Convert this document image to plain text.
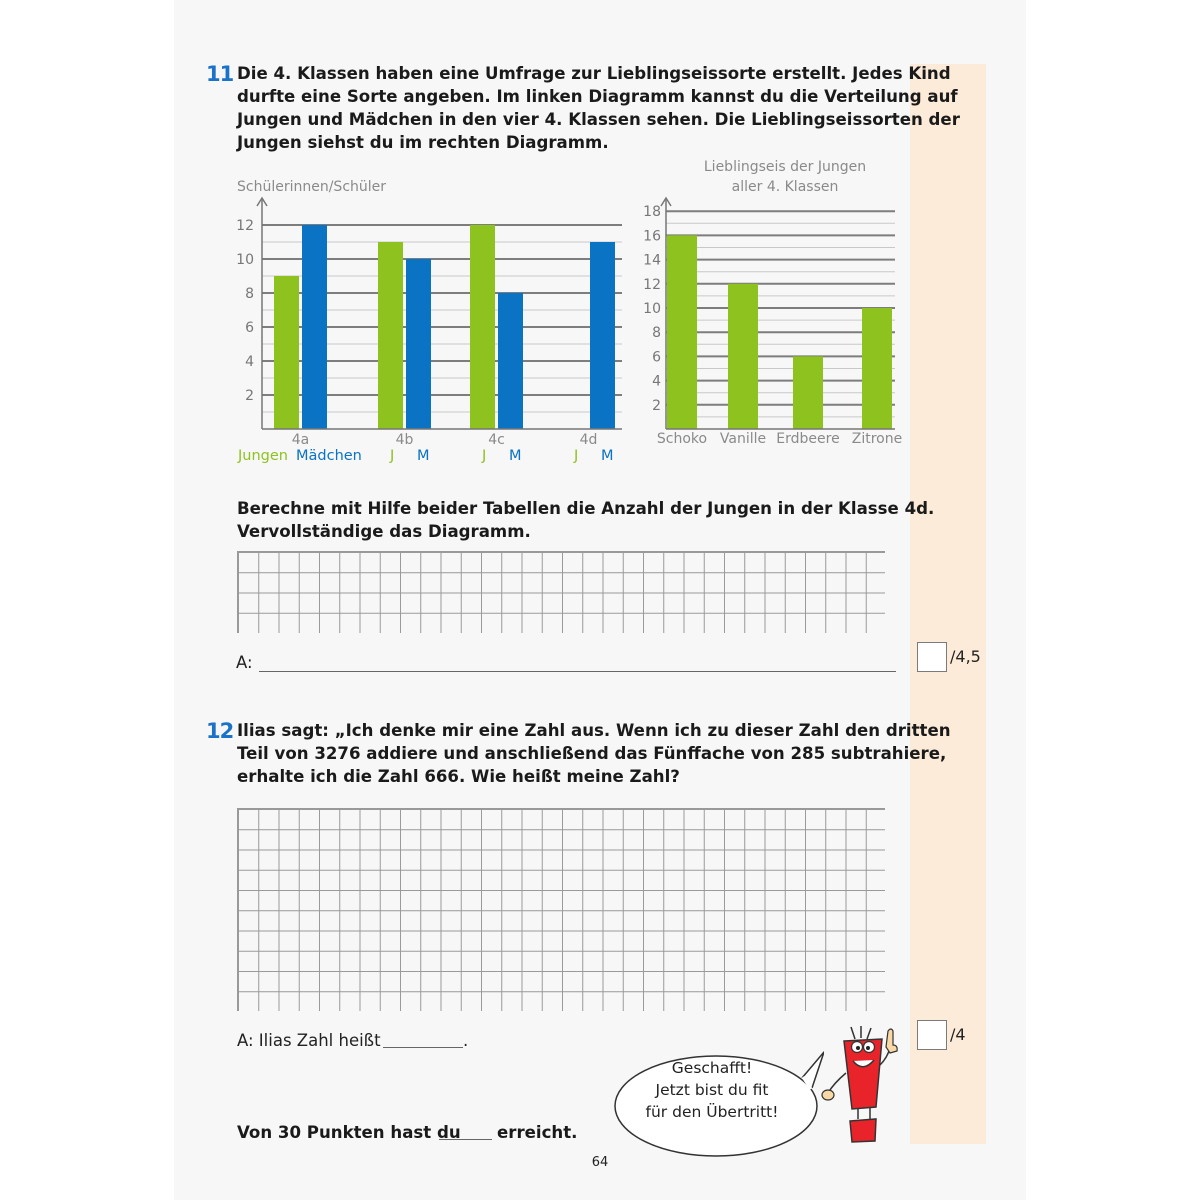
11 Die 4. Klassen haben eine Umfrage zur Lieblingseissorte erstellt. Jedes Kind
durfte eine Sorte angeben. Im linken Diagramm kannst du die Verteilung auf
Jungen und Mädchen in den vier 4. Klassen sehen. Die Lieblingseissorten der
Jungen siehst du im rechten Diagramm.
Schülerinnen/Schüler
2
4
6
8
10
12
4a
Jungen Mädchen
4b
J M
4c
J M
4d
J M
Lieblingseis der Jungen
aller 4. Klassen
2
4
6
8
10
12
14
16
18
Schoko Vanille Erdbeere Zitrone
Berechne mit Hilfe beider Tabellen die Anzahl der Jungen in der Klasse 4d.
Vervollständige das Diagramm.
A:	/4,5
12 Ilias sagt: „Ich denke mir eine Zahl aus. Wenn ich zu dieser Zahl den dritten
Teil von 3276 addiere und anschließend das Fünffache von 285 subtrahiere,
erhalte ich die Zahl 666. Wie heißt meine Zahl?
A: Ilias Zahl heißt	.	/4
Geschafft!
Jetzt bist du fit
für den Übertritt!
Von 30 Punkten hast du erreicht.
64
